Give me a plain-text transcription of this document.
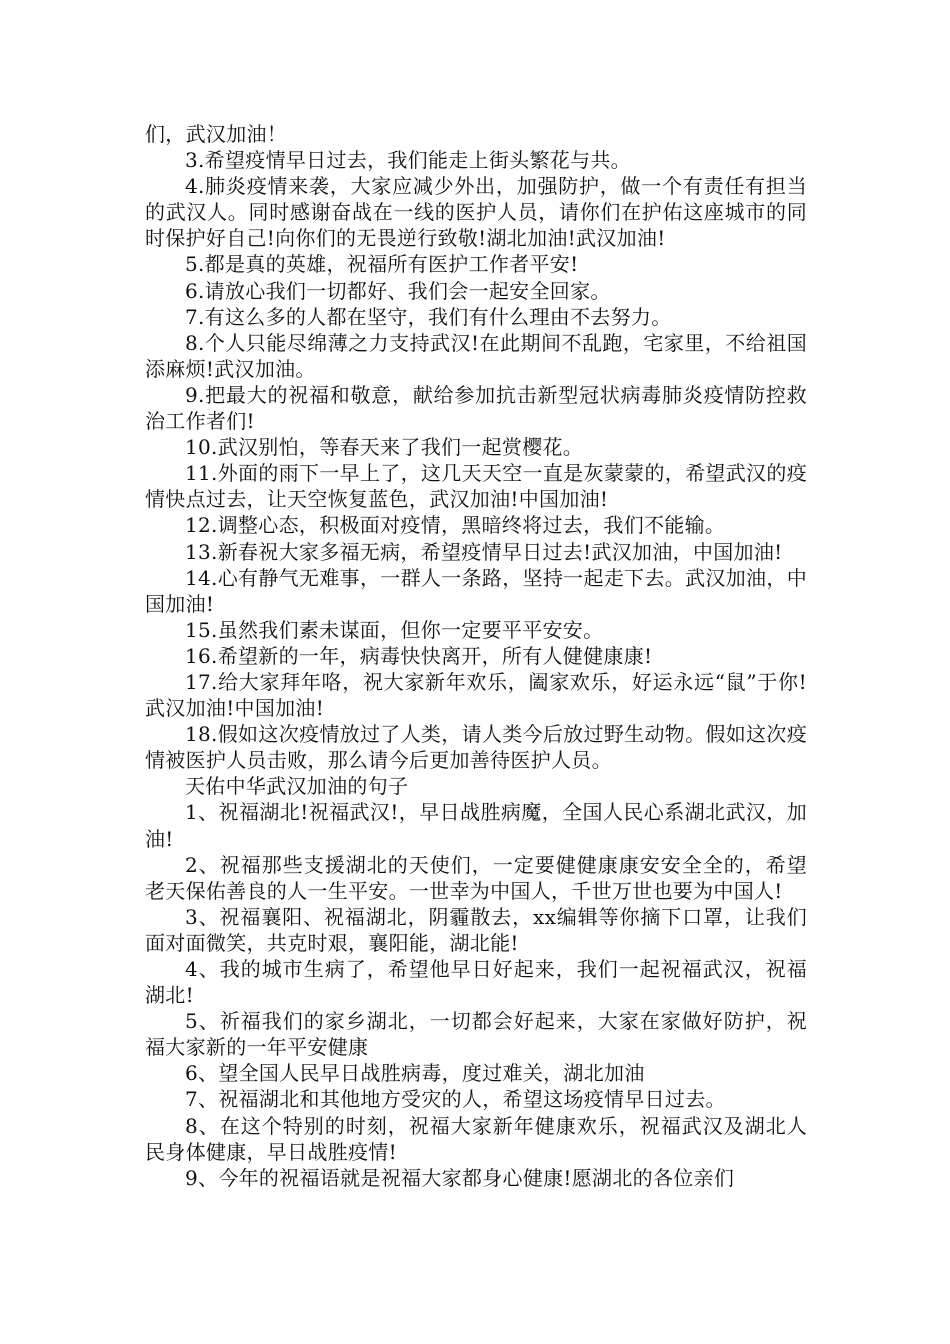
们，武汉加油！

3.希望疫情早日过去，我们能走上街头繁花与共。

4.肺炎疫情来袭，大家应减少外出，加强防护，做一个有责任有担当的武汉人。同时感谢奋战在一线的医护人员，请你们在护佑这座城市的同时保护好自己!向你们的无畏逆行致敬!湖北加油!武汉加油!

5.都是真的英雄，祝福所有医护工作者平安!

6.请放心我们一切都好、我们会一起安全回家。

7.有这么多的人都在坚守，我们有什么理由不去努力。

8.个人只能尽绵薄之力支持武汉!在此期间不乱跑，宅家里，不给祖国添麻烦!武汉加油。

9.把最大的祝福和敬意，献给参加抗击新型冠状病毒肺炎疫情防控救治工作者们!

10.武汉别怕，等春天来了我们一起赏樱花。

11.外面的雨下一早上了，这几天天空一直是灰蒙蒙的，希望武汉的疫情快点过去，让天空恢复蓝色，武汉加油!中国加油!

12.调整心态，积极面对疫情，黑暗终将过去，我们不能输。

13.新春祝大家多福无病，希望疫情早日过去!武汉加油，中国加油!

14.心有静气无难事，一群人一条路，坚持一起走下去。武汉加油，中国加油!

15.虽然我们素未谋面，但你一定要平平安安。

16.希望新的一年，病毒快快离开，所有人健健康康!

17.给大家拜年咯，祝大家新年欢乐，阖家欢乐，好运永远“鼠”于你!武汉加油!中国加油!

18.假如这次疫情放过了人类，请人类今后放过野生动物。假如这次疫情被医护人员击败，那么请今后更加善待医护人员。

天佑中华武汉加油的句子

1、祝福湖北!祝福武汉!，早日战胜病魔，全国人民心系湖北武汉，加油!

2、祝福那些支援湖北的天使们，一定要健健康康安安全全的，希望老天保佑善良的人一生平安。一世幸为中国人，千世万世也要为中国人!

3、祝福襄阳、祝福湖北，阴霾散去，xx编辑等你摘下口罩，让我们面对面微笑，共克时艰，襄阳能，湖北能!

4、我的城市生病了，希望他早日好起来，我们一起祝福武汉，祝福湖北!

5、祈福我们的家乡湖北，一切都会好起来，大家在家做好防护，祝福大家新的一年平安健康

6、望全国人民早日战胜病毒，度过难关，湖北加油

7、祝福湖北和其他地方受灾的人，希望这场疫情早日过去。

8、在这个特别的时刻，祝福大家新年健康欢乐，祝福武汉及湖北人民身体健康，早日战胜疫情!

9、今年的祝福语就是祝福大家都身心健康!愿湖北的各位亲们
